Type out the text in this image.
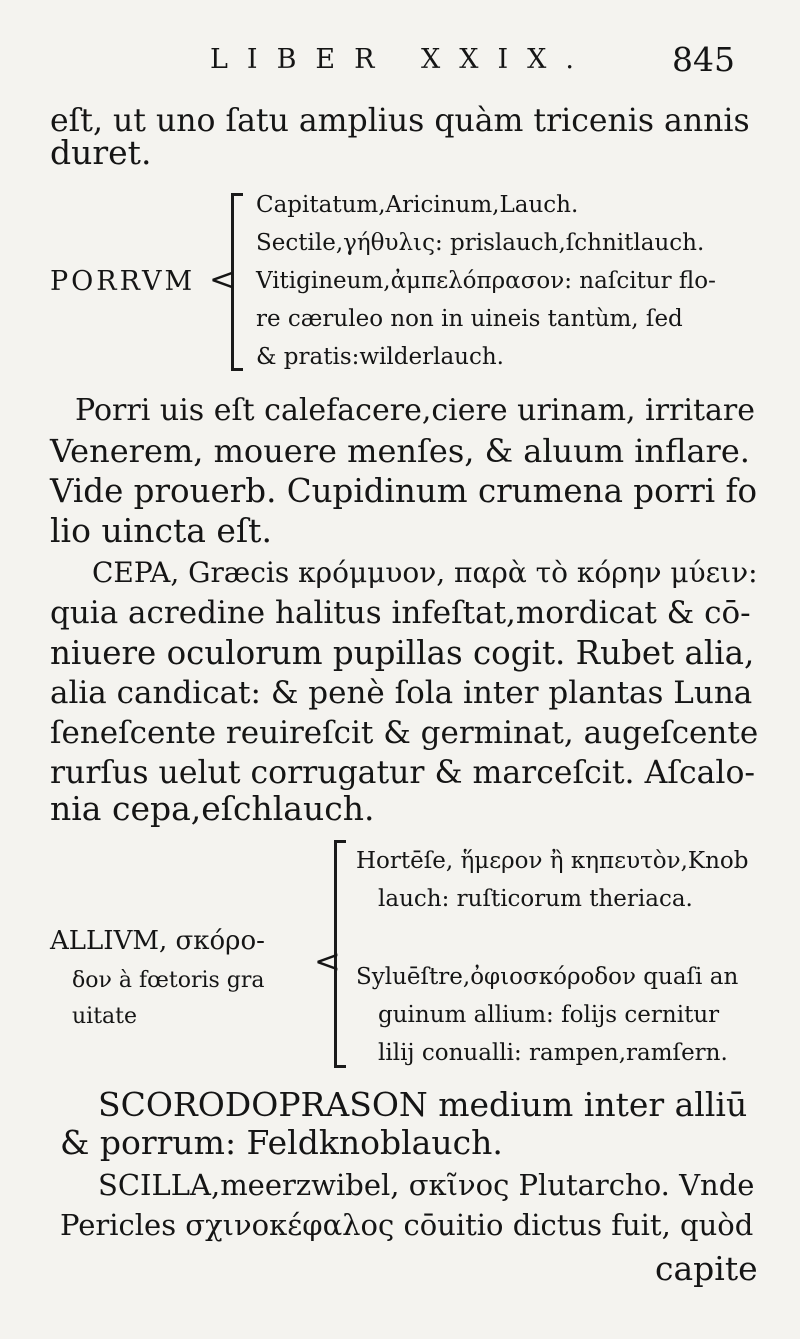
LIBER XXIX. 845
eſt, ut uno ſatu amplius quàm tricenis annis
duret.
PORRVM <
Capitatum,Aricinum,Lauch.
Sectile,γήθυλις: prislauch,ſchnitlauch.
Vitigineum,ἀμπελόπρασον: naſcitur flo-
re cæruleo non in uineis tantùm, ſed
& pratis:wilderlauch.
Porri uis eſt calefacere,ciere urinam, irritare
Venerem, mouere menſes, & aluum inflare.
Vide prouerb. Cupidinum crumena porri fo
lio uincta eſt.
CEPA, Græcis κρόμμυον, παρὰ τὸ κόρην μύειν:
quia acredine halitus infeſtat,mordicat & cō-
niuere oculorum pupillas cogit. Rubet alia,
alia candicat: & penè ſola inter plantas Luna
ſeneſcente reuireſcit & germinat, augeſcente
rurſus uelut corrugatur & marceſcit. Aſcalo-
nia cepa,eſchlauch.
ALLIVM, σκόρο-
δον à fœtoris gra
uitate
<
Hortēſe, ἥμερον ἢ κηπευτὸν,Knob
lauch: ruſticorum theriaca.
Syluēſtre,ὀφιοσκόροδον quaſi an
guinum allium: folijs cernitur
lilij conualli: rampen,ramſern.
SCORODOPRASON medium inter alliū
& porrum: Feldknoblauch.
SCILLA,meerzwibel, σκῖνος Plutarcho. Vnde
Pericles σχινοκέφαλος cōuitio dictus fuit, quòd
capite
